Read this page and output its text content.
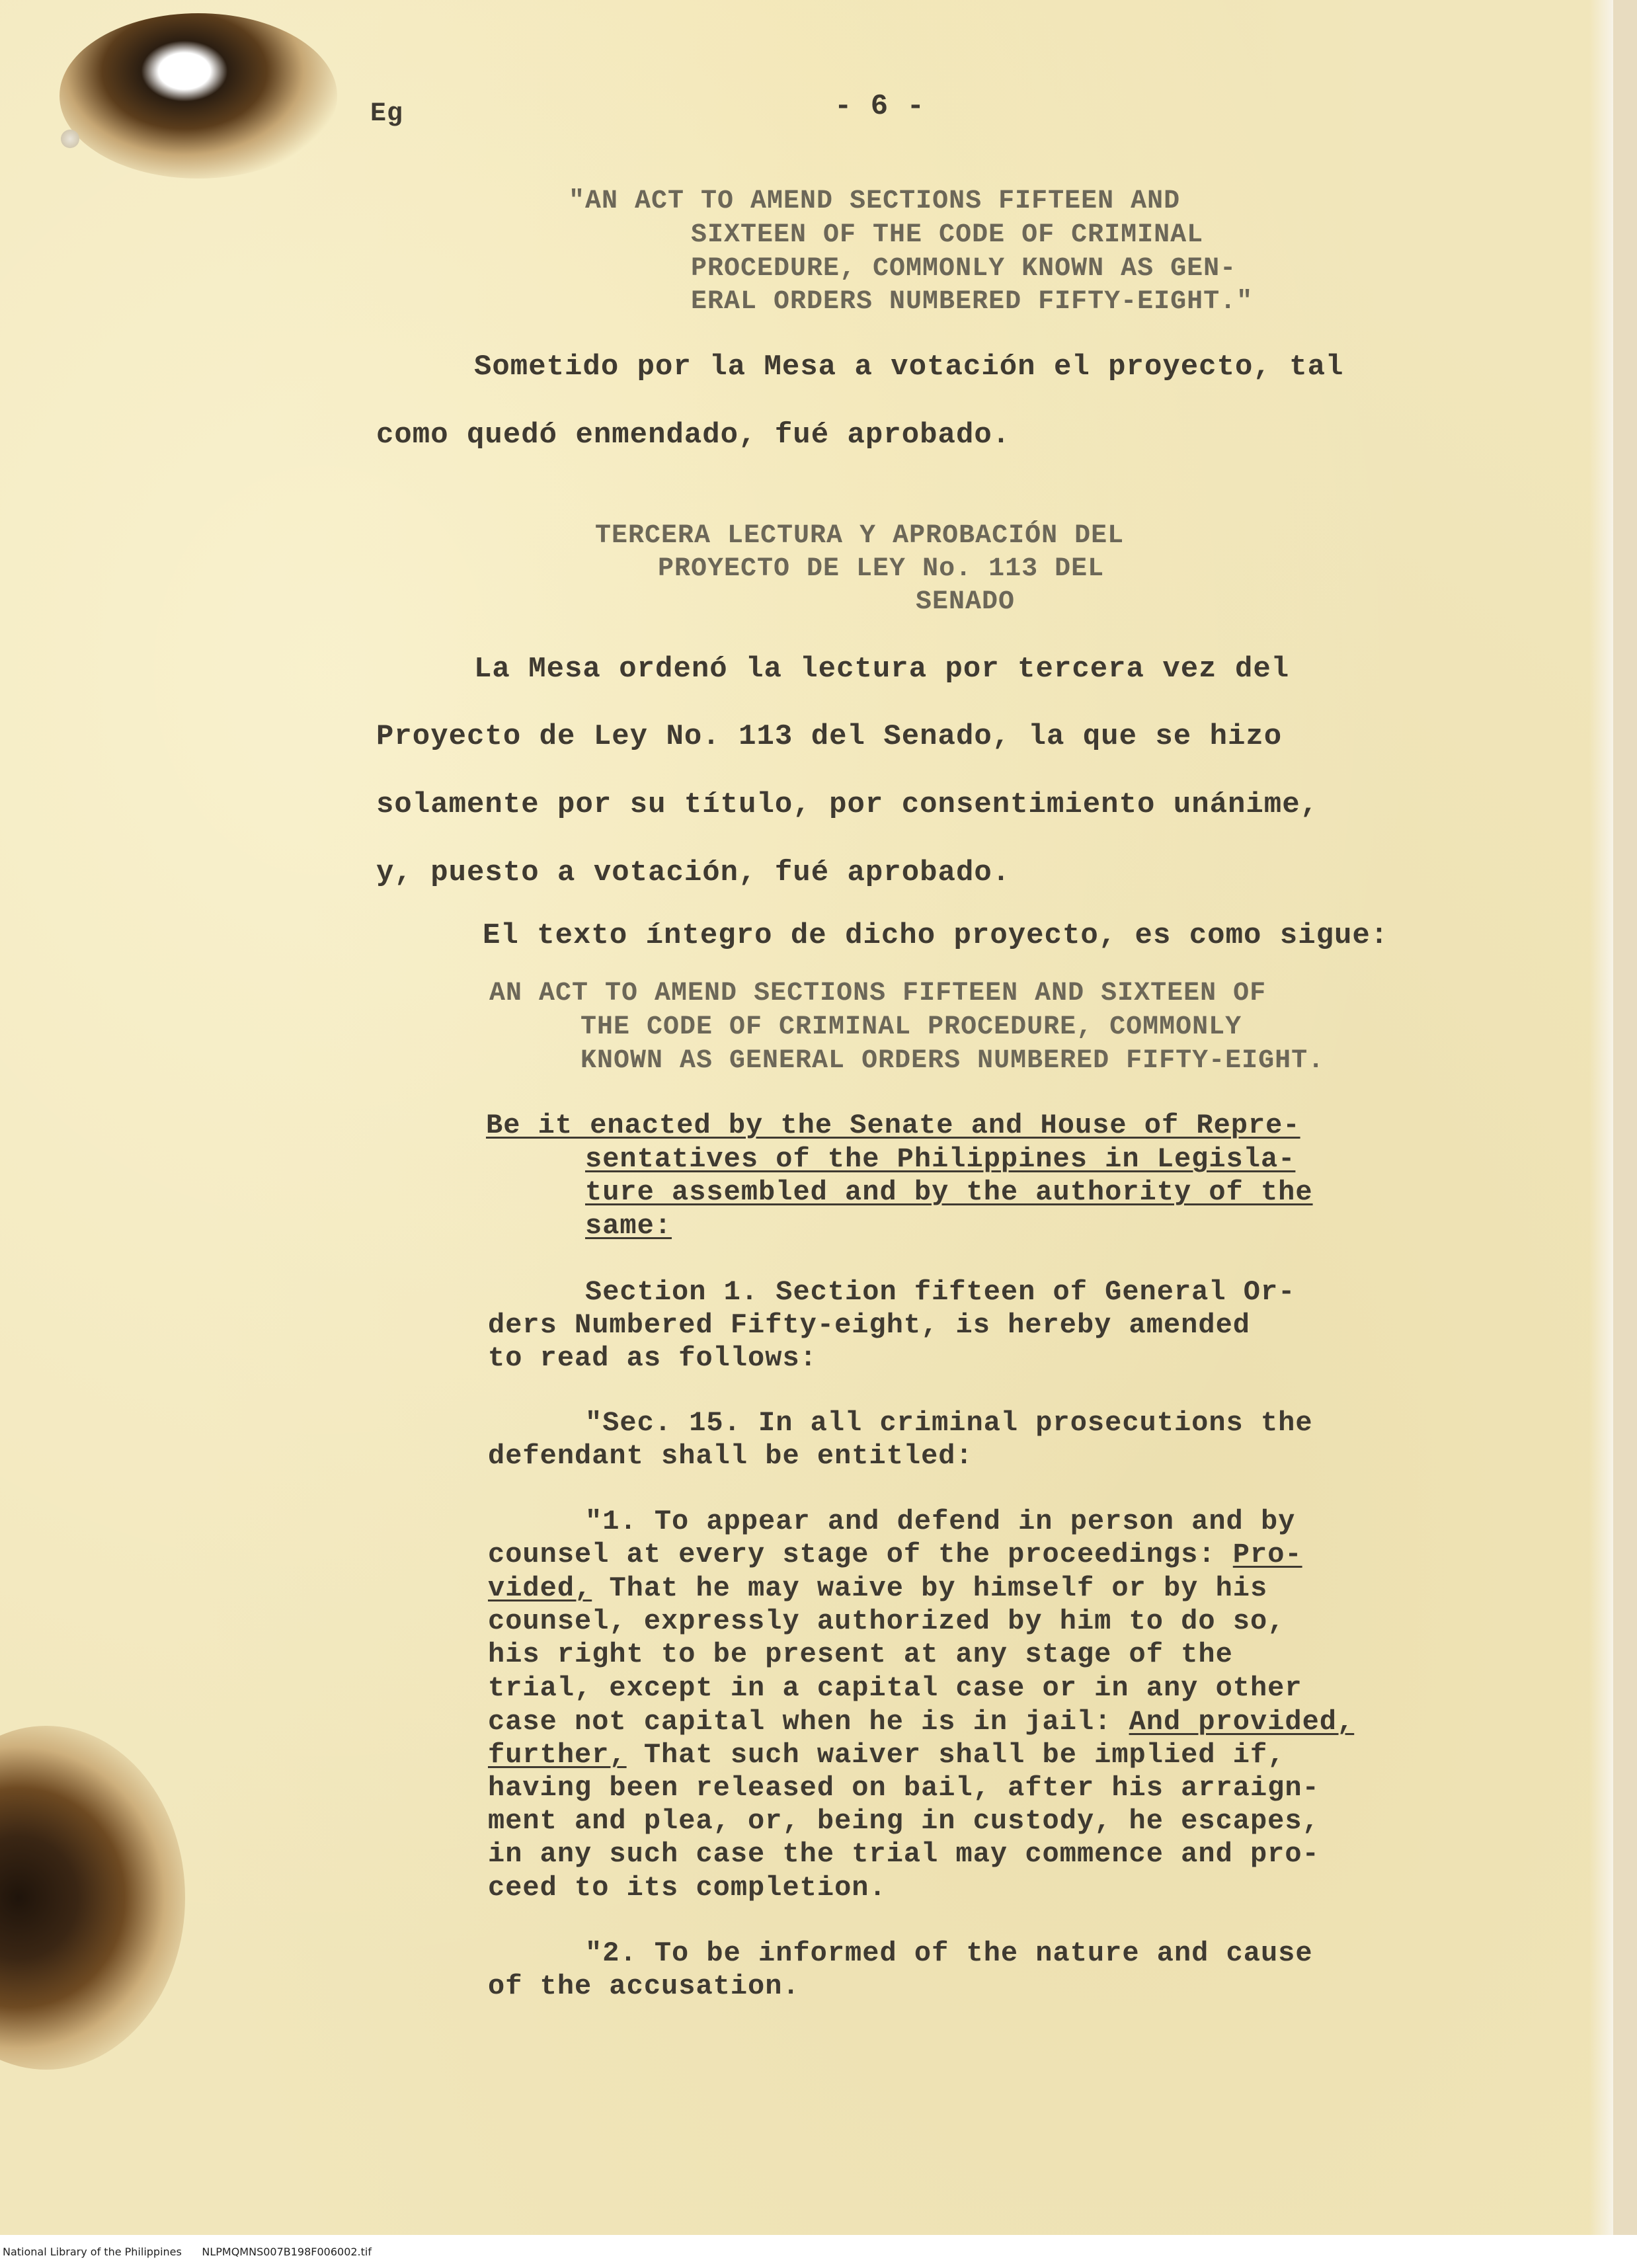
Eg	- 6 -
"AN ACT TO AMEND SECTIONS FIFTEEN AND
SIXTEEN OF THE CODE OF CRIMINAL
PROCEDURE, COMMONLY KNOWN AS GEN-
ERAL ORDERS NUMBERED FIFTY-EIGHT."
Sometido por la Mesa a votación el proyecto, tal
como quedó enmendado, fué aprobado.
TERCERA LECTURA Y APROBACIÓN DEL
PROYECTO DE LEY No. 113 DEL
SENADO
La Mesa ordenó la lectura por tercera vez del
Proyecto de Ley No. 113 del Senado, la que se hizo
solamente por su título, por consentimiento unánime,
y, puesto a votación, fué aprobado.
El texto íntegro de dicho proyecto, es como sigue:
AN ACT TO AMEND SECTIONS FIFTEEN AND SIXTEEN OF
THE CODE OF CRIMINAL PROCEDURE, COMMONLY
KNOWN AS GENERAL ORDERS NUMBERED FIFTY-EIGHT.
Be it enacted by the Senate and House of Repre-
sentatives of the Philippines in Legisla-
ture assembled and by the authority of the
same:
Section 1. Section fifteen of General Or-
ders Numbered Fifty-eight, is hereby amended
to read as follows:
"Sec. 15. In all criminal prosecutions the
defendant shall be entitled:
"1. To appear and defend in person and by
counsel at every stage of the proceedings: Pro-
vided, That he may waive by himself or by his
counsel, expressly authorized by him to do so,
his right to be present at any stage of the
trial, except in a capital case or in any other
case not capital when he is in jail: And provided,
further, That such waiver shall be implied if,
having been released on bail, after his arraign-
ment and plea, or, being in custody, he escapes,
in any such case the trial may commence and pro-
ceed to its completion.
"2. To be informed of the nature and cause
of the accusation.
National Library of the Philippines NLPMQMNS007B198F006002.tif
